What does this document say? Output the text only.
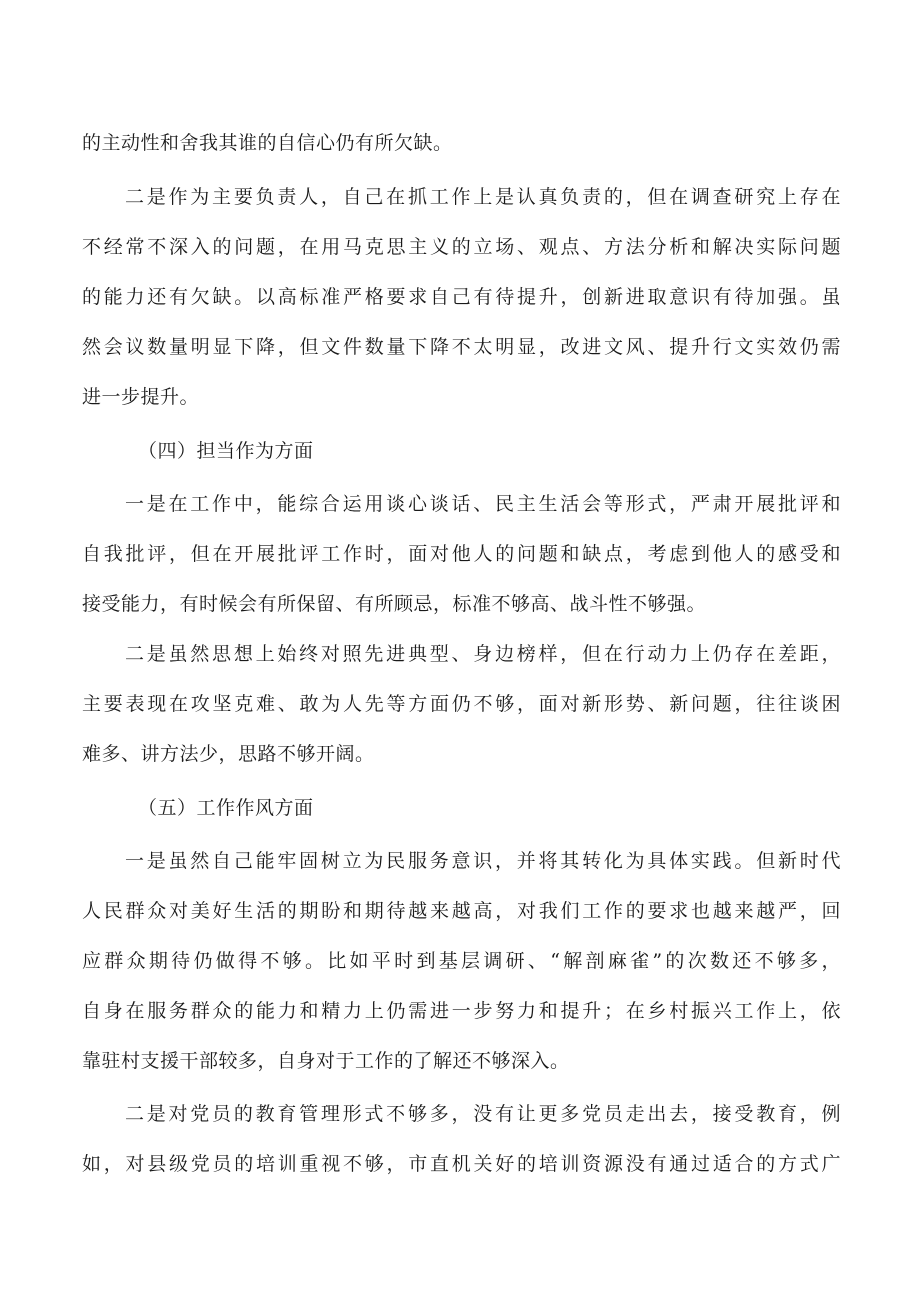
的主动性和舍我其谁的自信心仍有所欠缺。
二是作为主要负责人，自己在抓工作上是认真负责的，但在调查研究上存在
不经常不深入的问题，在用马克思主义的立场、观点、方法分析和解决实际问题
的能力还有欠缺。以高标准严格要求自己有待提升，创新进取意识有待加强。虽
然会议数量明显下降，但文件数量下降不太明显，改进文风、提升行文实效仍需
进一步提升。
（四）担当作为方面
一是在工作中，能综合运用谈心谈话、民主生活会等形式，严肃开展批评和
自我批评，但在开展批评工作时，面对他人的问题和缺点，考虑到他人的感受和
接受能力，有时候会有所保留、有所顾忌，标准不够高、战斗性不够强。
二是虽然思想上始终对照先进典型、身边榜样，但在行动力上仍存在差距，
主要表现在攻坚克难、敢为人先等方面仍不够，面对新形势、新问题，往往谈困
难多、讲方法少，思路不够开阔。
（五）工作作风方面
一是虽然自己能牢固树立为民服务意识，并将其转化为具体实践。但新时代
人民群众对美好生活的期盼和期待越来越高，对我们工作的要求也越来越严，回
应群众期待仍做得不够。比如平时到基层调研、“解剖麻雀”的次数还不够多，
自身在服务群众的能力和精力上仍需进一步努力和提升；在乡村振兴工作上，依
靠驻村支援干部较多，自身对于工作的了解还不够深入。
二是对党员的教育管理形式不够多，没有让更多党员走出去，接受教育，例
如，对县级党员的培训重视不够，市直机关好的培训资源没有通过适合的方式广
